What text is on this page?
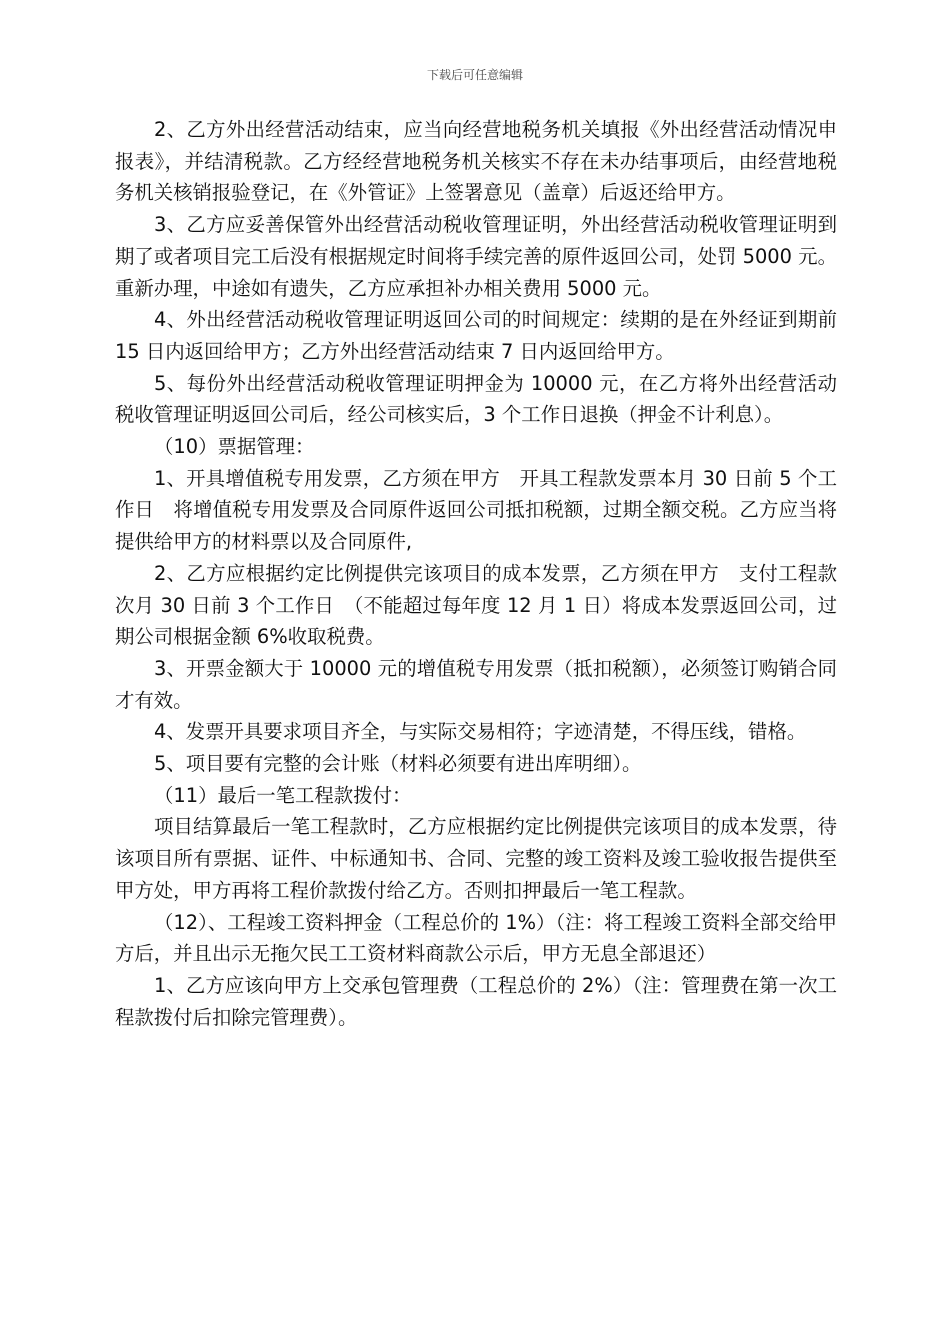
下载后可任意编辑

2、乙方外出经营活动结束，应当向经营地税务机关填报《外出经营活动情况申报表》，并结清税款。乙方经经营地税务机关核实不存在未办结事项后，由经营地税务机关核销报验登记，在《外管证》上签署意见（盖章）后返还给甲方。

3、乙方应妥善保管外出经营活动税收管理证明，外出经营活动税收管理证明到期了或者项目完工后没有根据规定时间将手续完善的原件返回公司，处罚 5000 元。重新办理，中途如有遗失，乙方应承担补办相关费用 5000 元。

4、外出经营活动税收管理证明返回公司的时间规定：续期的是在外经证到期前 15 日内返回给甲方；乙方外出经营活动结束 7 日内返回给甲方。

5、每份外出经营活动税收管理证明押金为 10000 元，在乙方将外出经营活动税收管理证明返回公司后，经公司核实后，3 个工作日退换（押金不计利息）。

（10）票据管理：

1、开具增值税专用发票，乙方须在甲方　开具工程款发票本月 30 日前 5 个工作日　将增值税专用发票及合同原件返回公司抵扣税额，过期全额交税。乙方应当将提供给甲方的材料票以及合同原件,

2、乙方应根据约定比例提供完该项目的成本发票，乙方须在甲方　支付工程款次月 30 日前 3 个工作日　（不能超过每年度 12 月 1 日）将成本发票返回公司，过期公司根据金额 6%收取税费。

3、开票金额大于 10000 元的增值税专用发票（抵扣税额），必须签订购销合同才有效。

4、发票开具要求项目齐全，与实际交易相符；字迹清楚，不得压线，错格。

5、项目要有完整的会计账（材料必须要有进出库明细）。

（11）最后一笔工程款拨付：

项目结算最后一笔工程款时，乙方应根据约定比例提供完该项目的成本发票，待该项目所有票据、证件、中标通知书、合同、完整的竣工资料及竣工验收报告提供至甲方处，甲方再将工程价款拨付给乙方。否则扣押最后一笔工程款。

（12）、工程竣工资料押金（工程总价的 1%）（注：将工程竣工资料全部交给甲方后，并且出示无拖欠民工工资材料商款公示后，甲方无息全部退还）

1、乙方应该向甲方上交承包管理费（工程总价的 2%）（注：管理费在第一次工程款拨付后扣除完管理费）。
